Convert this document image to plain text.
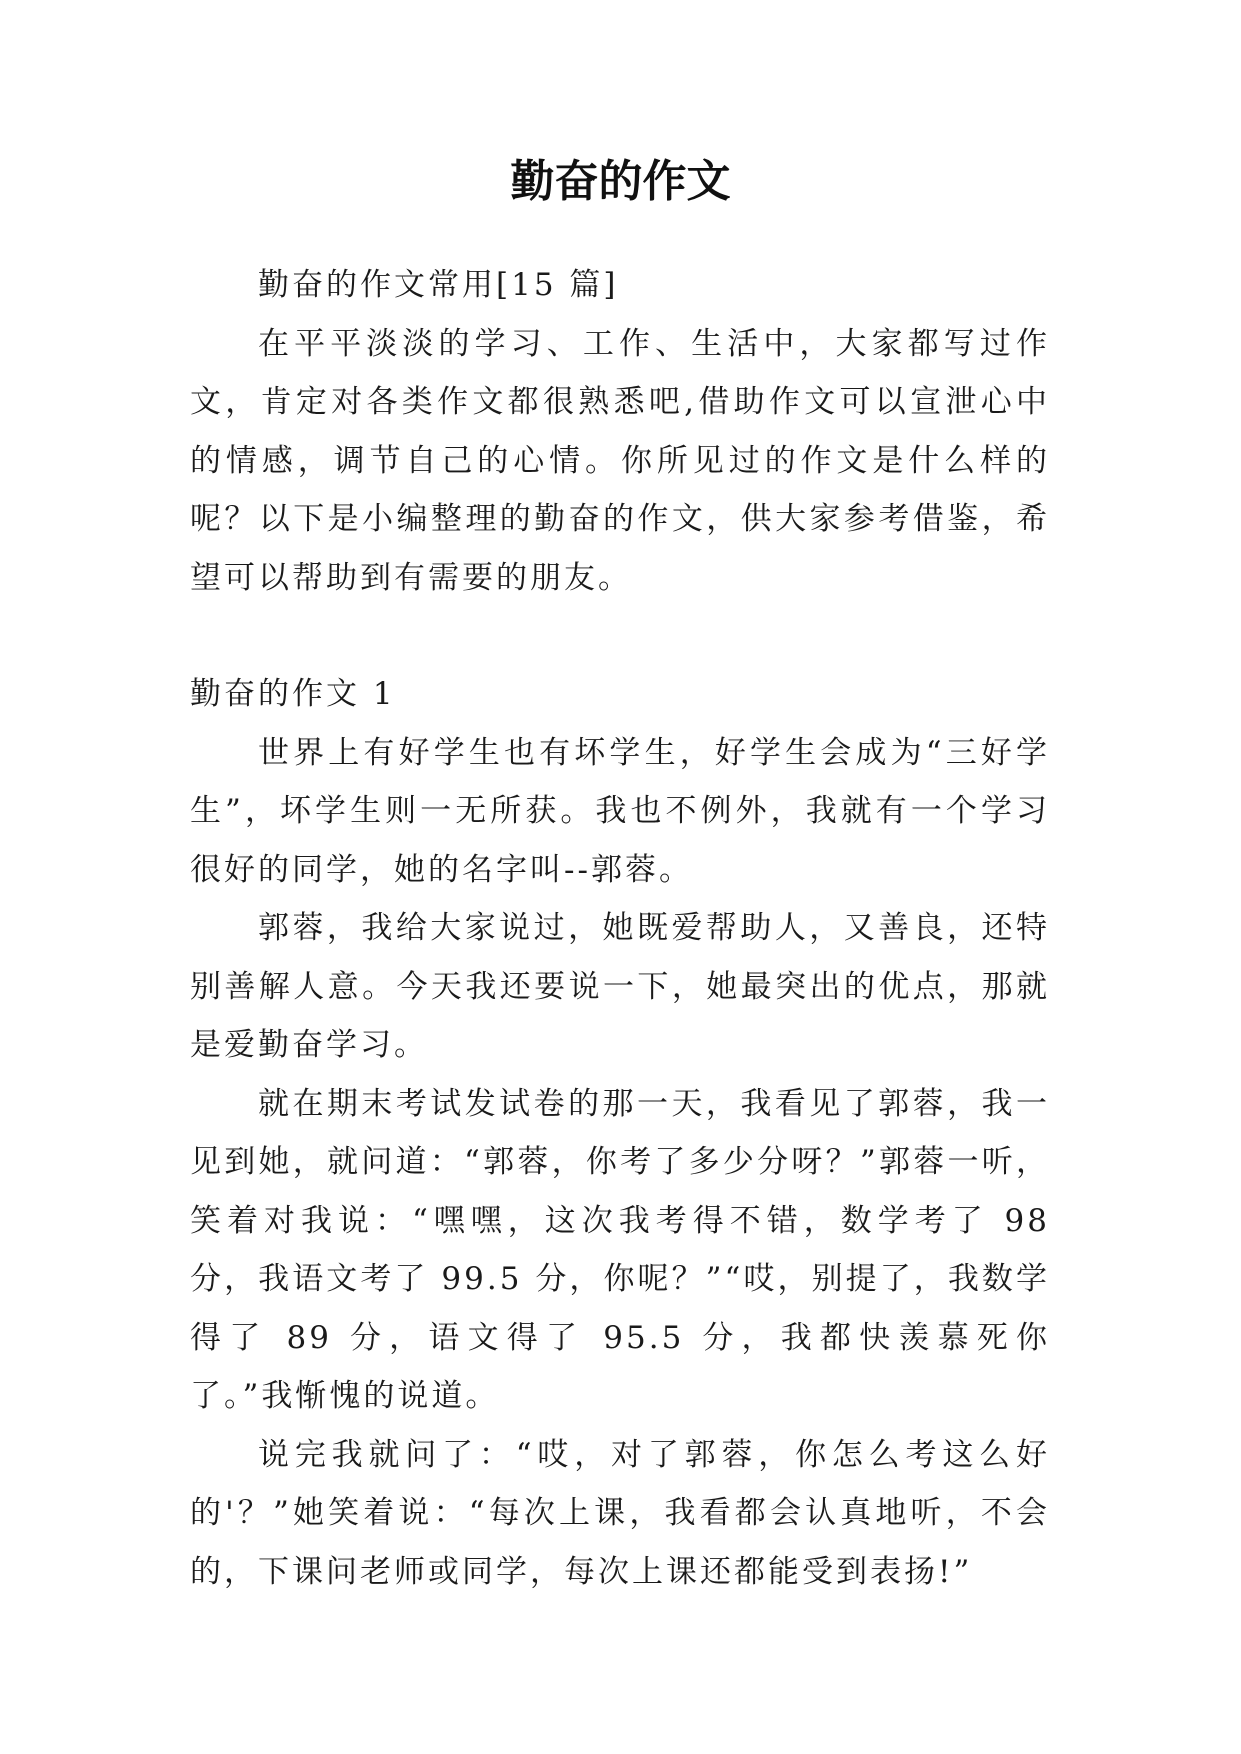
勤奋的作文

勤奋的作文常用[15 篇]

在平平淡淡的学习、工作、生活中，大家都写过作文，肯定对各类作文都很熟悉吧,借助作文可以宣泄心中的情感，调节自己的心情。你所见过的作文是什么样的呢？以下是小编整理的勤奋的作文，供大家参考借鉴，希望可以帮助到有需要的朋友。

勤奋的作文 1

世界上有好学生也有坏学生，好学生会成为“三好学生”，坏学生则一无所获。我也不例外，我就有一个学习很好的同学，她的名字叫--郭蓉。

郭蓉，我给大家说过，她既爱帮助人，又善良，还特别善解人意。今天我还要说一下，她最突出的优点，那就是爱勤奋学习。

就在期末考试发试卷的那一天，我看见了郭蓉，我一见到她，就问道：“郭蓉，你考了多少分呀？”郭蓉一听，笑着对我说：“嘿嘿，这次我考得不错，数学考了 98 分，我语文考了 99.5 分，你呢？”“哎，别提了，我数学得了 89 分，语文得了 95.5 分，我都快羡慕死你了。”我惭愧的说道。

说完我就问了：“哎，对了郭蓉，你怎么考这么好的'？”她笑着说：“每次上课，我看都会认真地听，不会的，下课问老师或同学，每次上课还都能受到表扬!”
